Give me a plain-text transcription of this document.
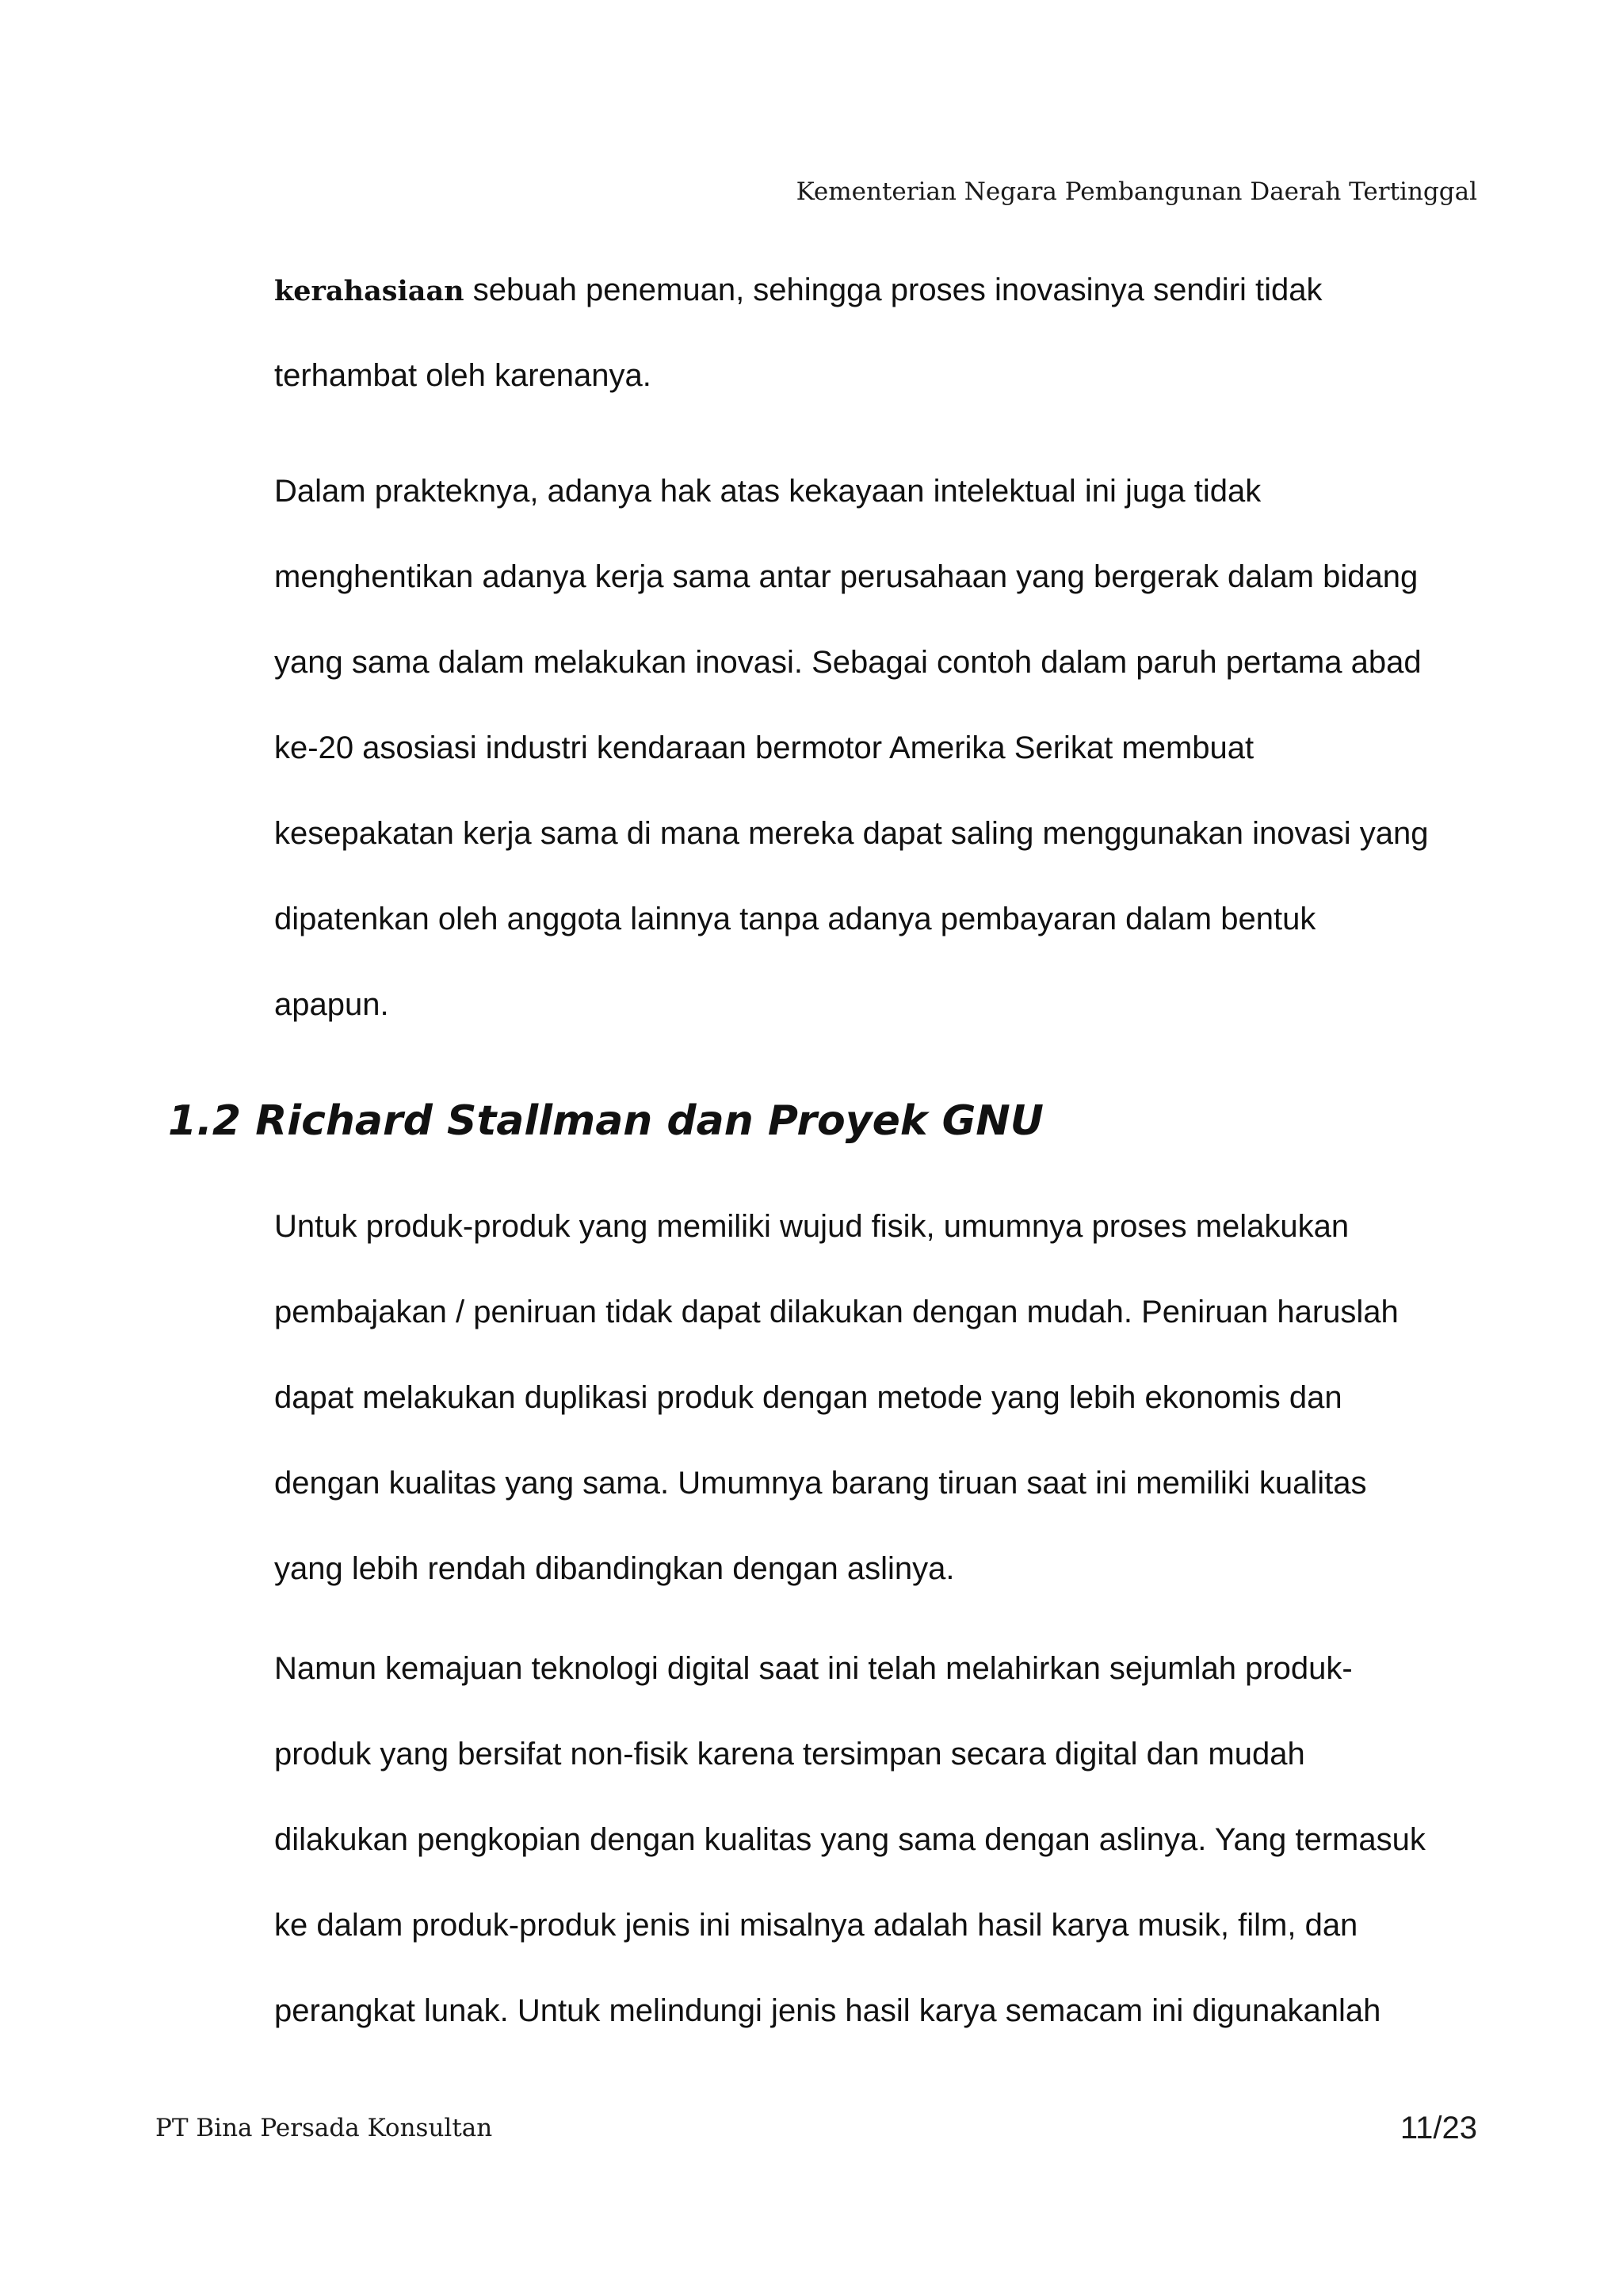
Kementerian Negara Pembangunan Daerah Tertinggal
kerahasiaan sebuah penemuan, sehingga proses inovasinya sendiri tidak
terhambat oleh karenanya.
Dalam prakteknya, adanya hak atas kekayaan intelektual ini juga tidak
menghentikan adanya kerja sama antar perusahaan yang bergerak dalam bidang
yang sama dalam melakukan inovasi. Sebagai contoh dalam paruh pertama abad
ke-20 asosiasi industri kendaraan bermotor Amerika Serikat membuat
kesepakatan kerja sama di mana mereka dapat saling menggunakan inovasi yang
dipatenkan oleh anggota lainnya tanpa adanya pembayaran dalam bentuk
apapun.
1.2 Richard Stallman dan Proyek GNU
Untuk produk-produk yang memiliki wujud fisik, umumnya proses melakukan
pembajakan / peniruan tidak dapat dilakukan dengan mudah. Peniruan haruslah
dapat melakukan duplikasi produk dengan metode yang lebih ekonomis dan
dengan kualitas yang sama. Umumnya barang tiruan saat ini memiliki kualitas
yang lebih rendah dibandingkan dengan aslinya.
Namun kemajuan teknologi digital saat ini telah melahirkan sejumlah produk-
produk yang bersifat non-fisik karena tersimpan secara digital dan mudah
dilakukan pengkopian dengan kualitas yang sama dengan aslinya. Yang termasuk
ke dalam produk-produk jenis ini misalnya adalah hasil karya musik, film, dan
perangkat lunak. Untuk melindungi jenis hasil karya semacam ini digunakanlah
PT Bina Persada Konsultan	11/23
